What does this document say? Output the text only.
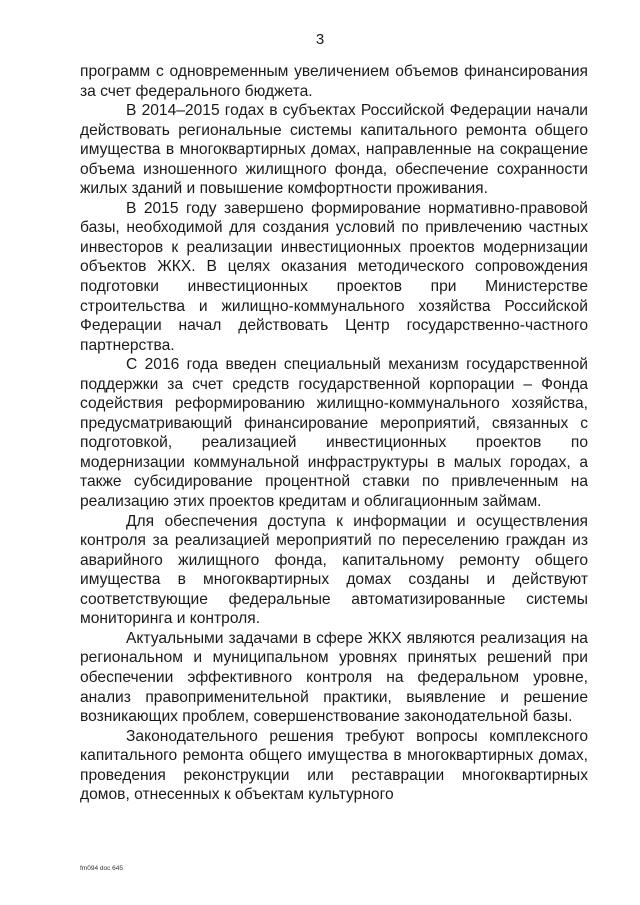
3

программ с одновременным увеличением объемов финансирования за счет федерального бюджета.

В 2014–2015 годах в субъектах Российской Федерации начали действовать региональные системы капитального ремонта общего имущества в многоквартирных домах, направленные на сокращение объема изношенного жилищного фонда, обеспечение сохранности жилых зданий и повышение комфортности проживания.

В 2015 году завершено формирование нормативно-правовой базы, необходимой для создания условий по привлечению частных инвесторов к реализации инвестиционных проектов модернизации объектов ЖКХ. В целях оказания методического сопровождения подготовки инвестиционных проектов при Министерстве строительства и жилищно-коммунального хозяйства Российской Федерации начал действовать Центр государственно-частного партнерства.

С 2016 года введен специальный механизм государственной поддержки за счет средств государственной корпорации – Фонда содействия реформированию жилищно-коммунального хозяйства, предусматривающий финансирование мероприятий, связанных с подготовкой, реализацией инвестиционных проектов по модернизации коммунальной инфраструктуры в малых городах, а также субсидирование процентной ставки по привлеченным на реализацию этих проектов кредитам и облигационным займам.

Для обеспечения доступа к информации и осуществления контроля за реализацией мероприятий по переселению граждан из аварийного жилищного фонда, капитальному ремонту общего имущества в многоквартирных домах созданы и действуют соответствующие федеральные автоматизированные системы мониторинга и контроля.

Актуальными задачами в сфере ЖКХ являются реализация на региональном и муниципальном уровнях принятых решений при обеспечении эффективного контроля на федеральном уровне, анализ правоприменительной практики, выявление и решение возникающих проблем, совершенствование законодательной базы.

Законодательного решения требуют вопросы комплексного капитального ремонта общего имущества в многоквартирных домах, проведения реконструкции или реставрации многоквартирных домов, отнесенных к объектам культурного

fm094 doc 645
